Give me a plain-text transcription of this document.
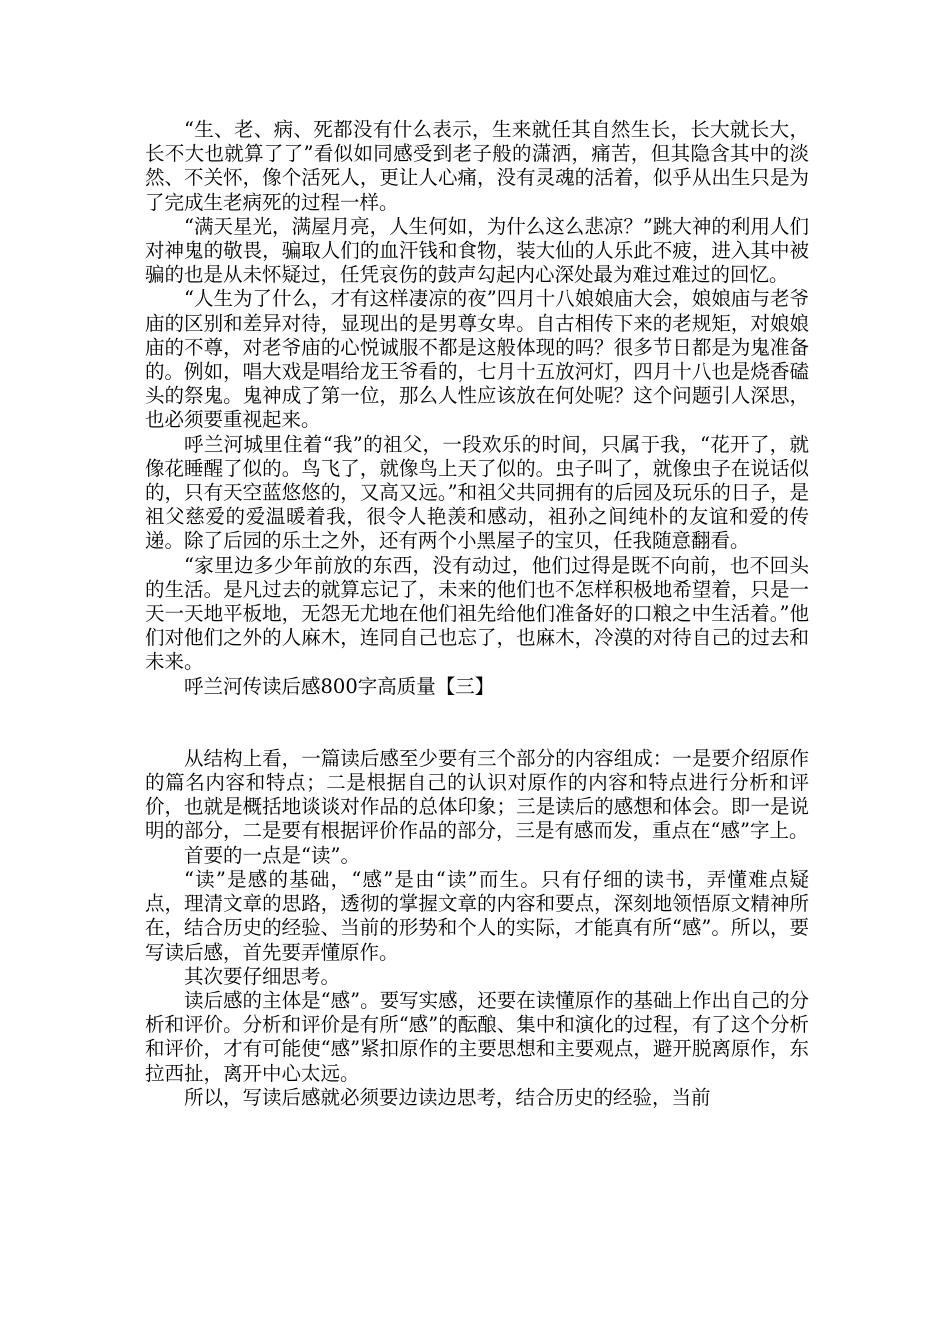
“生、老、病、死都没有什么表示，生来就任其自然生长，长大就长大，长不大也就算了了”看似如同感受到老子般的潇洒，痛苦，但其隐含其中的淡然、不关怀，像个活死人，更让人心痛，没有灵魂的活着，似乎从出生只是为了完成生老病死的过程一样。

“满天星光，满屋月亮，人生何如，为什么这么悲凉？”跳大神的利用人们对神鬼的敬畏，骗取人们的血汗钱和食物，装大仙的人乐此不疲，进入其中被骗的也是从未怀疑过，任凭哀伤的鼓声勾起内心深处最为难过难过的回忆。

“人生为了什么，才有这样凄凉的夜”四月十八娘娘庙大会，娘娘庙与老爷庙的区别和差异对待，显现出的是男尊女卑。自古相传下来的老规矩，对娘娘庙的不尊，对老爷庙的心悦诚服不都是这般体现的吗？很多节日都是为鬼准备的。例如，唱大戏是唱给龙王爷看的，七月十五放河灯，四月十八也是烧香磕头的祭鬼。鬼神成了第一位，那么人性应该放在何处呢？这个问题引人深思，也必须要重视起来。

呼兰河城里住着“我”的祖父，一段欢乐的时间，只属于我，“花开了，就像花睡醒了似的。鸟飞了，就像鸟上天了似的。虫子叫了，就像虫子在说话似的，只有天空蓝悠悠的，又高又远。”和祖父共同拥有的后园及玩乐的日子，是祖父慈爱的爱温暖着我，很令人艳羡和感动，祖孙之间纯朴的友谊和爱的传递。除了后园的乐土之外，还有两个小黑屋子的宝贝，任我随意翻看。

“家里边多少年前放的东西，没有动过，他们过得是既不向前，也不回头的生活。是凡过去的就算忘记了，未来的他们也不怎样积极地希望着，只是一天一天地平板地，无怨无尤地在他们祖先给他们准备好的口粮之中生活着。”他们对他们之外的人麻木，连同自己也忘了，也麻木，冷漠的对待自己的过去和未来。

呼兰河传读后感800字高质量【三】

从结构上看，一篇读后感至少要有三个部分的内容组成：一是要介绍原作的篇名内容和特点；二是根据自己的认识对原作的内容和特点进行分析和评价，也就是概括地谈谈对作品的总体印象；三是读后的感想和体会。即一是说明的部分，二是要有根据评价作品的部分，三是有感而发，重点在“感”字上。

首要的一点是“读”。

“读”是感的基础，“感”是由“读”而生。只有仔细的读书，弄懂难点疑点，理清文章的思路，透彻的掌握文章的内容和要点，深刻地领悟原文精神所在，结合历史的经验、当前的形势和个人的实际，才能真有所“感”。所以，要写读后感，首先要弄懂原作。

其次要仔细思考。

读后感的主体是“感”。要写实感，还要在读懂原作的基础上作出自己的分析和评价。分析和评价是有所“感”的酝酿、集中和演化的过程，有了这个分析和评价，才有可能使“感”紧扣原作的主要思想和主要观点，避开脱离原作，东拉西扯，离开中心太远。

所以，写读后感就必须要边读边思考，结合历史的经验，当前
